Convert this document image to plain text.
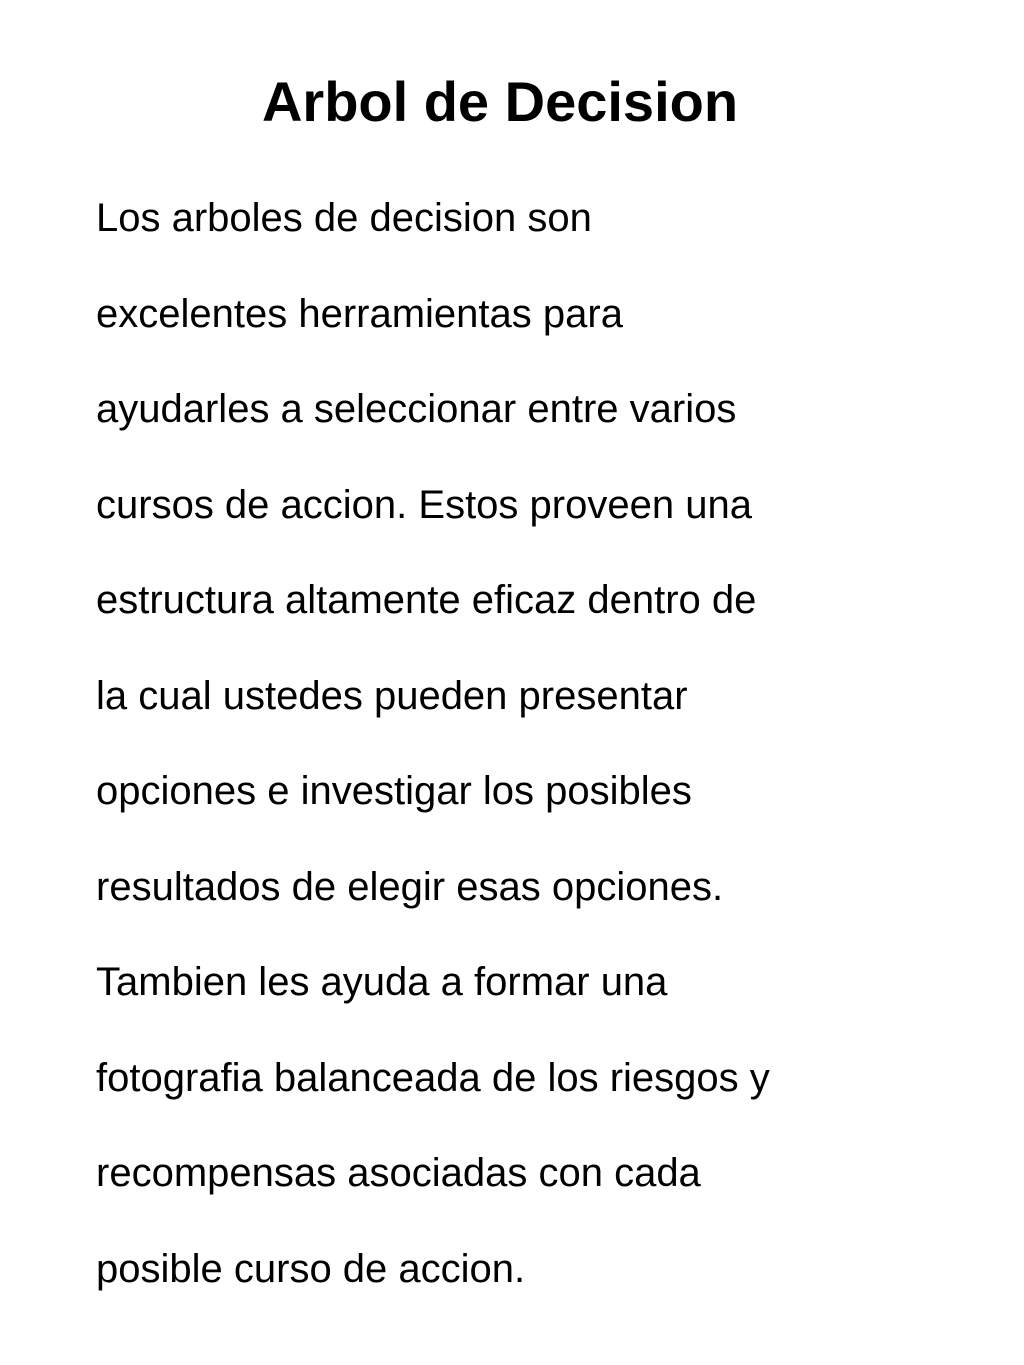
Arbol de Decision
Los arboles de decision son
excelentes herramientas para
ayudarles a seleccionar entre varios
cursos de accion. Estos proveen una
estructura altamente eficaz dentro de
la cual ustedes pueden presentar
opciones e investigar los posibles
resultados de elegir esas opciones.
Tambien les ayuda a formar una
fotografia balanceada de los riesgos y
recompensas asociadas con cada
posible curso de accion.
